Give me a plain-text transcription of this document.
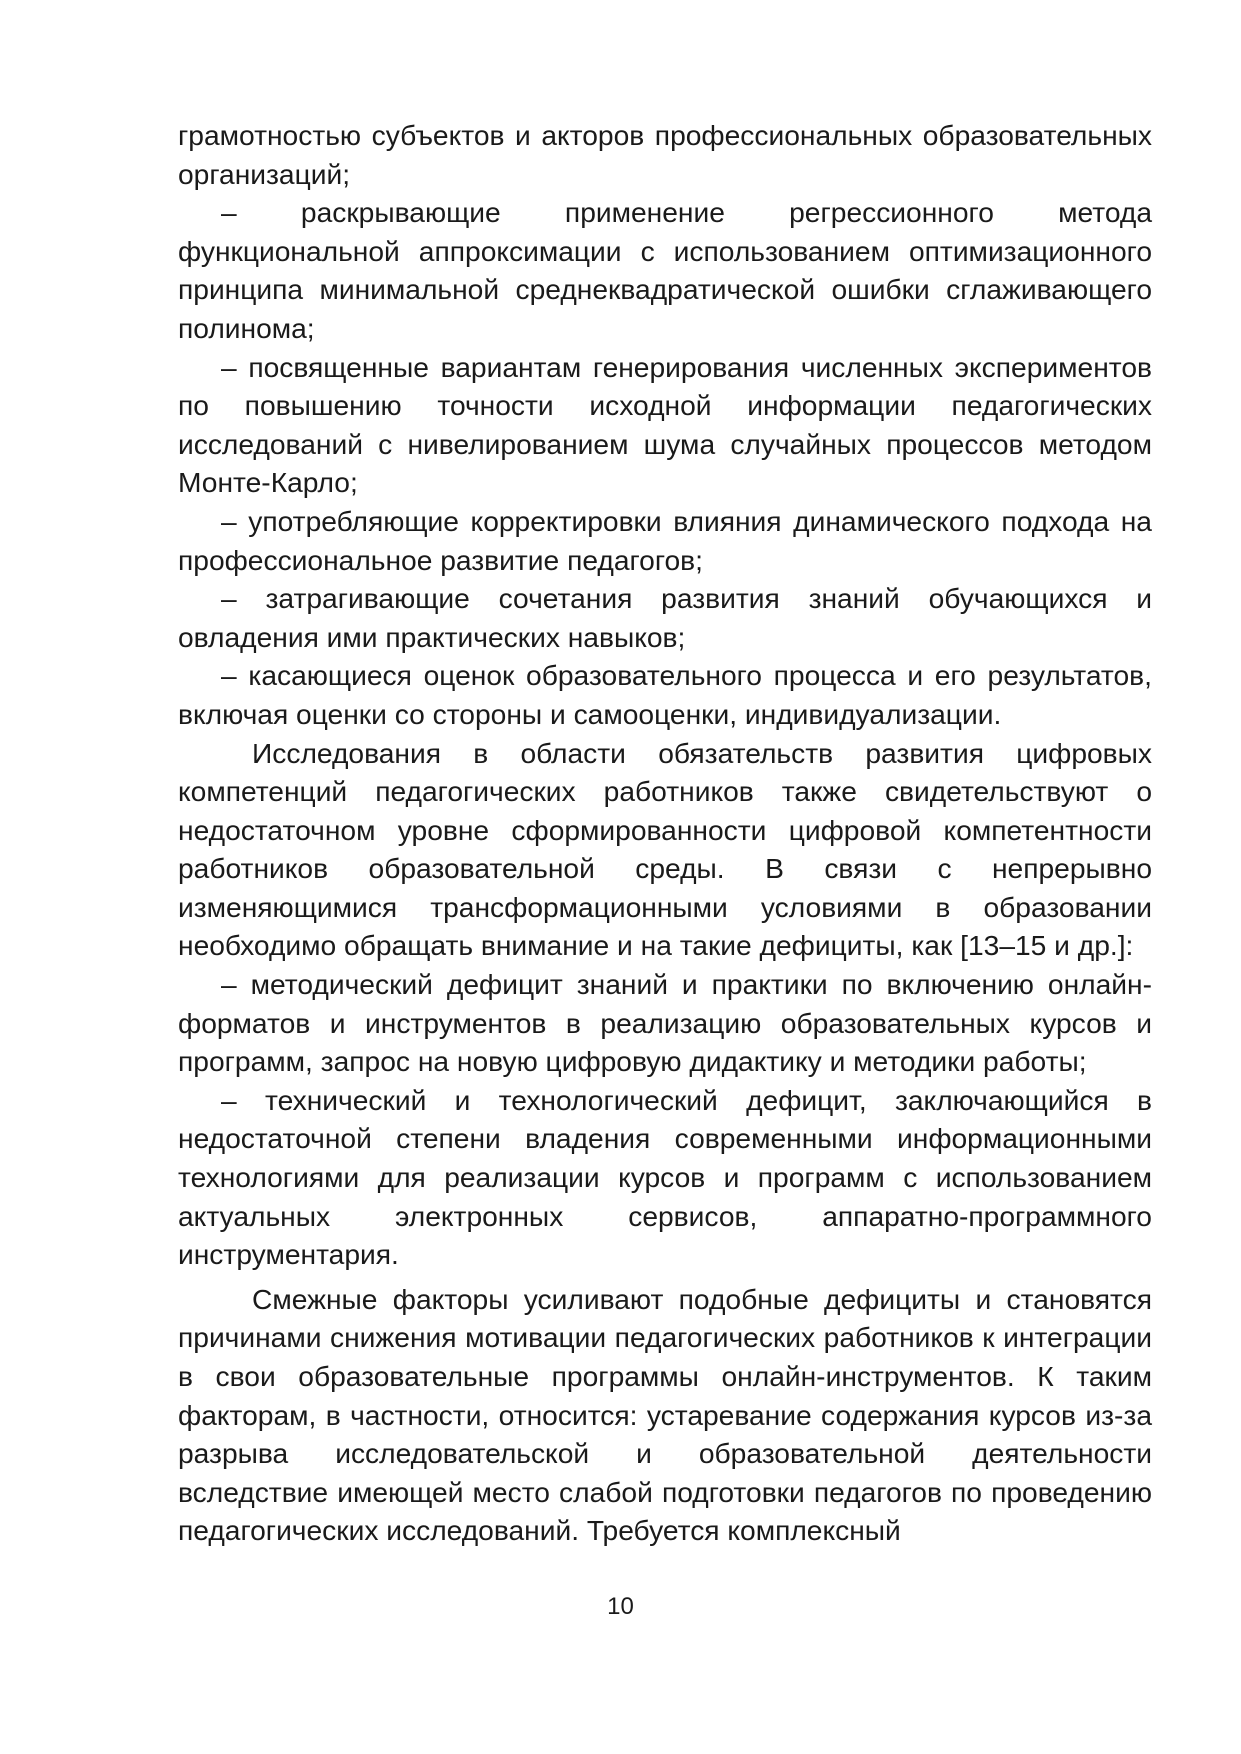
грамотностью субъектов и акторов профессиональных образовательных организаций;

– раскрывающие применение регрессионного метода функциональной аппроксимации с использованием оптимизационного принципа минимальной среднеквадратической ошибки сглаживающего полинома;

– посвященные вариантам генерирования численных экспериментов по повышению точности исходной информации педагогических исследований с нивелированием шума случайных процессов методом Монте-Карло;

– употребляющие корректировки влияния динамического подхода на профессиональное развитие педагогов;

– затрагивающие сочетания развития знаний обучающихся и овладения ими практических навыков;

– касающиеся оценок образовательного процесса и его результатов, включая оценки со стороны и самооценки, индивидуализации.

Исследования в области обязательств развития цифровых компетенций педагогических работников также свидетельствуют о недостаточном уровне сформированности цифровой компетентности работников образовательной среды. В связи с непрерывно изменяющимися трансформационными условиями в образовании необходимо обращать внимание и на такие дефициты, как [13–15 и др.]:

– методический дефицит знаний и практики по включению онлайн-форматов и инструментов в реализацию образовательных курсов и программ, запрос на новую цифровую дидактику и методики работы;

– технический и технологический дефицит, заключающийся в недостаточной степени владения современными информационными технологиями для реализации курсов и программ с использованием актуальных электронных сервисов, аппаратно-программного инструментария.

Смежные факторы усиливают подобные дефициты и становятся причинами снижения мотивации педагогических работников к интеграции в свои образовательные программы онлайн-инструментов. К таким факторам, в частности, относится: устаревание содержания курсов из-за разрыва исследовательской и образовательной деятельности вследствие имеющей место слабой подготовки педагогов по проведению педагогических исследований. Требуется комплексный

10
